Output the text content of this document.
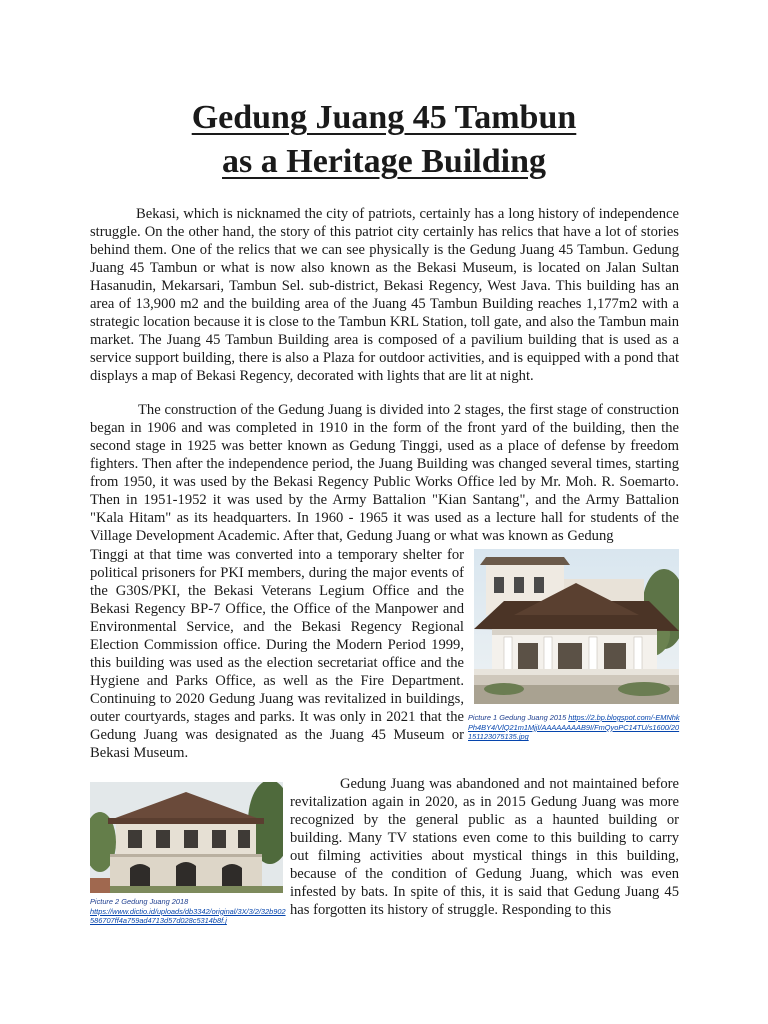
Gedung Juang 45 Tambun
as a Heritage Building

Bekasi, which is nicknamed the city of patriots, certainly has a long history of independence struggle. On the other hand, the story of this patriot city certainly has relics that have a lot of stories behind them. One of the relics that we can see physically is the Gedung Juang 45 Tambun. Gedung Juang 45 Tambun or what is now also known as the Bekasi Museum, is located on Jalan Sultan Hasanudin, Mekarsari, Tambun Sel. sub-district, Bekasi Regency, West Java. This building has an area of 13,900 m2 and the building area of the Juang 45 Tambun Building reaches 1,177m2 with a strategic location because it is close to the Tambun KRL Station, toll gate, and also the Tambun main market. The Juang 45 Tambun Building area is composed of a pavilium building that is used as a service support building, there is also a Plaza for outdoor activities, and is equipped with a pond that displays a map of Bekasi Regency, decorated with lights that are lit at night.

The construction of the Gedung Juang is divided into 2 stages, the first stage of construction began in 1906 and was completed in 1910 in the form of the front yard of the building, then the second stage in 1925 was better known as Gedung Tinggi, used as a place of defense by freedom fighters. Then after the independence period, the Juang Building was changed several times, starting from 1950, it was used by the Bekasi Regency Public Works Office led by Mr. Moh. R. Soemarto. Then in 1951-1952 it was used by the Army Battalion "Kian Santang", and the Army Battalion "Kala Hitam" as its headquarters. In 1960 - 1965 it was used as a lecture hall for students of the Village Development Academic. After that, Gedung Juang or what was known as Gedung

Tinggi at that time was converted into a temporary shelter for political prisoners for PKI members, during the major events of the G30S/PKI, the Bekasi Veterans Legium Office and the Bekasi Regency BP-7 Office, the Office of the Manpower and Environmental Service, and the Bekasi Regency Regional Election Commission office. During the Modern Period 1999, this building was used as the election secretariat office and the Hygiene and Parks Office, as well as the Fire Department. Continuing to 2020 Gedung Juang was revitalized in buildings, outer courtyards, stages and parks. It was only in 2021 that the Gedung Juang was designated as the Juang 45 Museum or Bekasi Museum.

Gedung Juang was abandoned and not maintained before revitalization again in 2020, as in 2015 Gedung Juang was more recognized by the general public as a haunted building or building. Many TV stations even come to this building to carry out filming activities about mystical things in this building, because of the condition of Gedung Juang, which was even infested by bats. In spite of this, it is said that Gedung Juang 45 has forgotten its history of struggle. Responding to this

Picture 1 Gedung Juang 2015 https://2.bp.blogspot.com/-EMNhkPh4BY4/VlQ21m1MjjI/AAAAAAAAB9I/FmQyoPC14TU/s1600/20151123075135.jpg
Picture 2 Gedung Juang 2018
https://www.dictio.id/uploads/db3342/original/3X/3/2/32b902586707ff4a759ad4713d57d028c5314b8f.j
